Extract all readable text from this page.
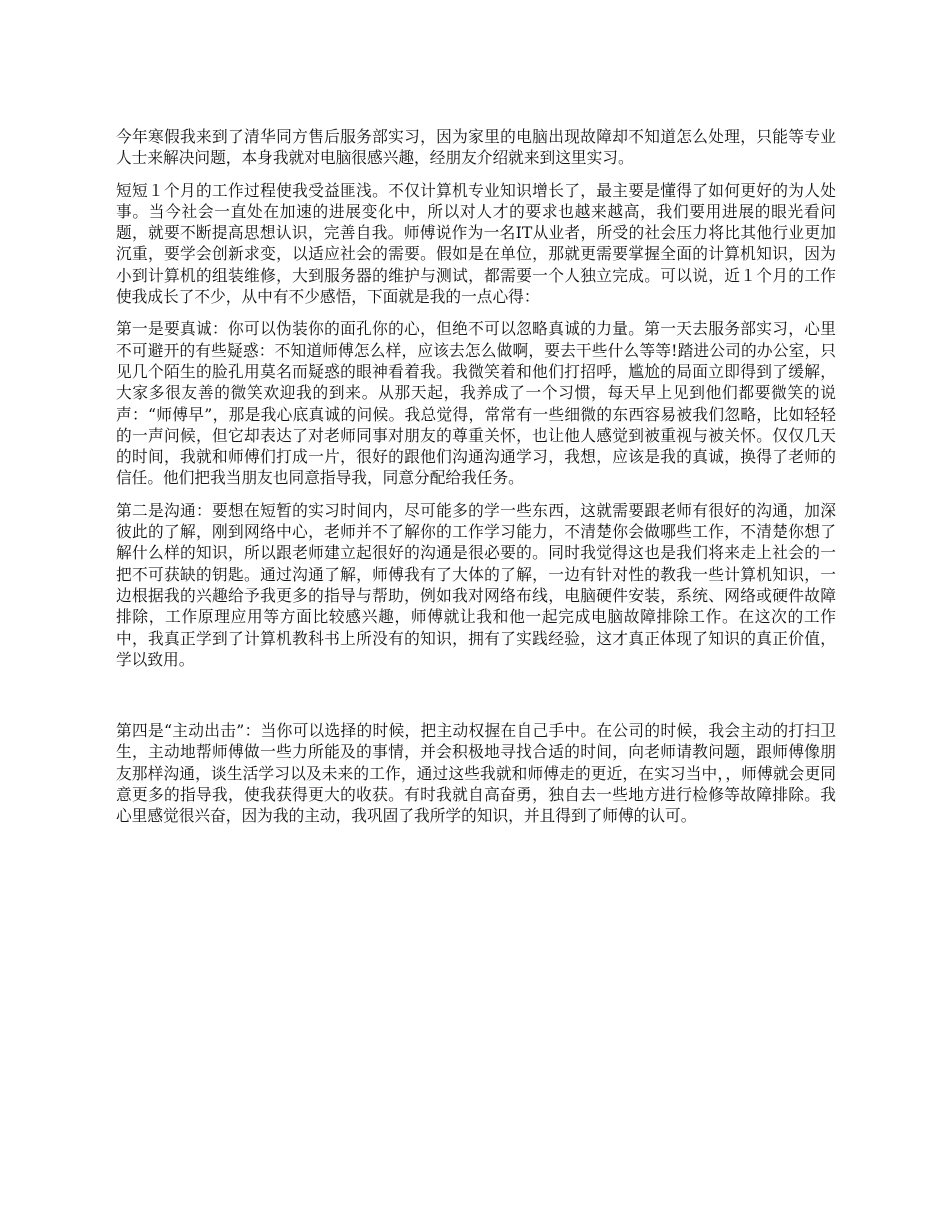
今年寒假我来到了清华同方售后服务部实习，因为家里的电脑出现故障却不知道怎么处理，只能等专业人士来解决问题，本身我就对电脑很感兴趣，经朋友介绍就来到这里实习。

短短１个月的工作过程使我受益匪浅。不仅计算机专业知识增长了，最主要是懂得了如何更好的为人处事。当今社会一直处在加速的进展变化中，所以对人才的要求也越来越高，我们要用进展的眼光看问题，就要不断提高思想认识，完善自我。师傅说作为一名IT从业者，所受的社会压力将比其他行业更加沉重，要学会创新求变，以适应社会的需要。假如是在单位，那就更需要掌握全面的计算机知识，因为小到计算机的组装维修，大到服务器的维护与测试，都需要一个人独立完成。可以说，近１个月的工作使我成长了不少，从中有不少感悟，下面就是我的一点心得：

第一是要真诚：你可以伪装你的面孔你的心，但绝不可以忽略真诚的力量。第一天去服务部实习，心里不可避开的有些疑惑：不知道师傅怎么样，应该去怎么做啊，要去干些什么等等!踏进公司的办公室，只见几个陌生的脸孔用莫名而疑惑的眼神看着我。我微笑着和他们打招呼，尴尬的局面立即得到了缓解，大家多很友善的微笑欢迎我的到来。从那天起，我养成了一个习惯，每天早上见到他们都要微笑的说声：“师傅早”，那是我心底真诚的问候。我总觉得，常常有一些细微的东西容易被我们忽略，比如轻轻的一声问候，但它却表达了对老师同事对朋友的尊重关怀，也让他人感觉到被重视与被关怀。仅仅几天的时间，我就和师傅们打成一片，很好的跟他们沟通沟通学习，我想，应该是我的真诚，换得了老师的信任。他们把我当朋友也同意指导我，同意分配给我任务。

第二是沟通：要想在短暂的实习时间内，尽可能多的学一些东西，这就需要跟老师有很好的沟通，加深彼此的了解，刚到网络中心，老师并不了解你的工作学习能力，不清楚你会做哪些工作，不清楚你想了解什么样的知识，所以跟老师建立起很好的沟通是很必要的。同时我觉得这也是我们将来走上社会的一把不可获缺的钥匙。通过沟通了解，师傅我有了大体的了解，一边有针对性的教我一些计算机知识，一边根据我的兴趣给予我更多的指导与帮助，例如我对网络布线，电脑硬件安装，系统、网络或硬件故障排除，工作原理应用等方面比较感兴趣，师傅就让我和他一起完成电脑故障排除工作。在这次的工作中，我真正学到了计算机教科书上所没有的知识，拥有了实践经验，这才真正体现了知识的真正价值，学以致用。

第四是“主动出击”：当你可以选择的时候，把主动权握在自己手中。在公司的时候，我会主动的打扫卫生，主动地帮师傅做一些力所能及的事情，并会积极地寻找合适的时间，向老师请教问题，跟师傅像朋友那样沟通，谈生活学习以及未来的工作，通过这些我就和师傅走的更近，在实习当中，，师傅就会更同意更多的指导我，使我获得更大的收获。有时我就自高奋勇，独自去一些地方进行检修等故障排除。我心里感觉很兴奋，因为我的主动，我巩固了我所学的知识，并且得到了师傅的认可。
